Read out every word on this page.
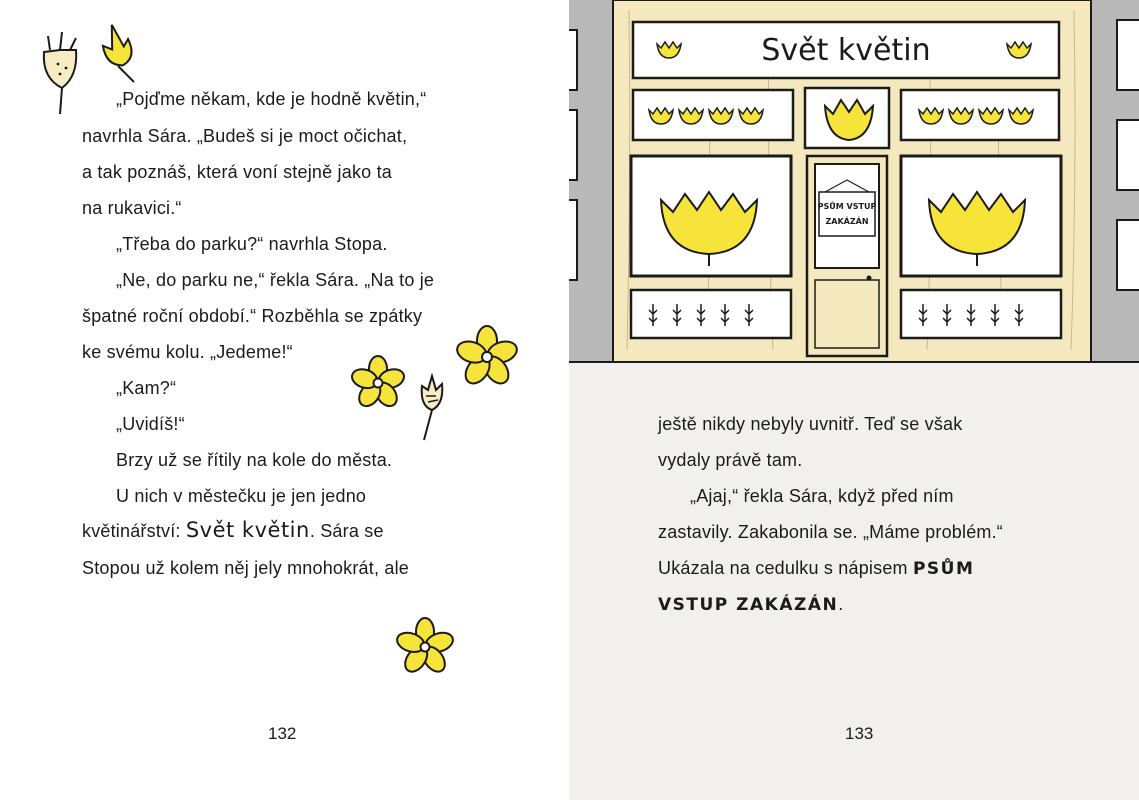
„Pojďme někam, kde je hodně květin,“
navrhla Sára. „Budeš si je moct očichat,
a tak poznáš, která voní stejně jako ta
na rukavici.“
„Třeba do parku?“ navrhla Stopa.
„Ne, do parku ne,“ řekla Sára. „Na to je
špatné roční období.“ Rozběhla se zpátky
ke svému kolu. „Jedeme!“
„Kam?“
„Uvidíš!“
Brzy už se řítily na kole do města.
U nich v městečku je jen jedno
květinářství: Svět květin. Sára se
Stopou už kolem něj jely mnohokrát, ale
132
Svět květin
PSŮM VSTUP
ZAKÁZÁN
ještě nikdy nebyly uvnitř. Teď se však
vydaly právě tam.
„Ajaj,“ řekla Sára, když před ním
zastavily. Zakabonila se. „Máme problém.“
Ukázala na cedulku s nápisem PSŮM
VSTUP ZAKÁZÁN.
133
